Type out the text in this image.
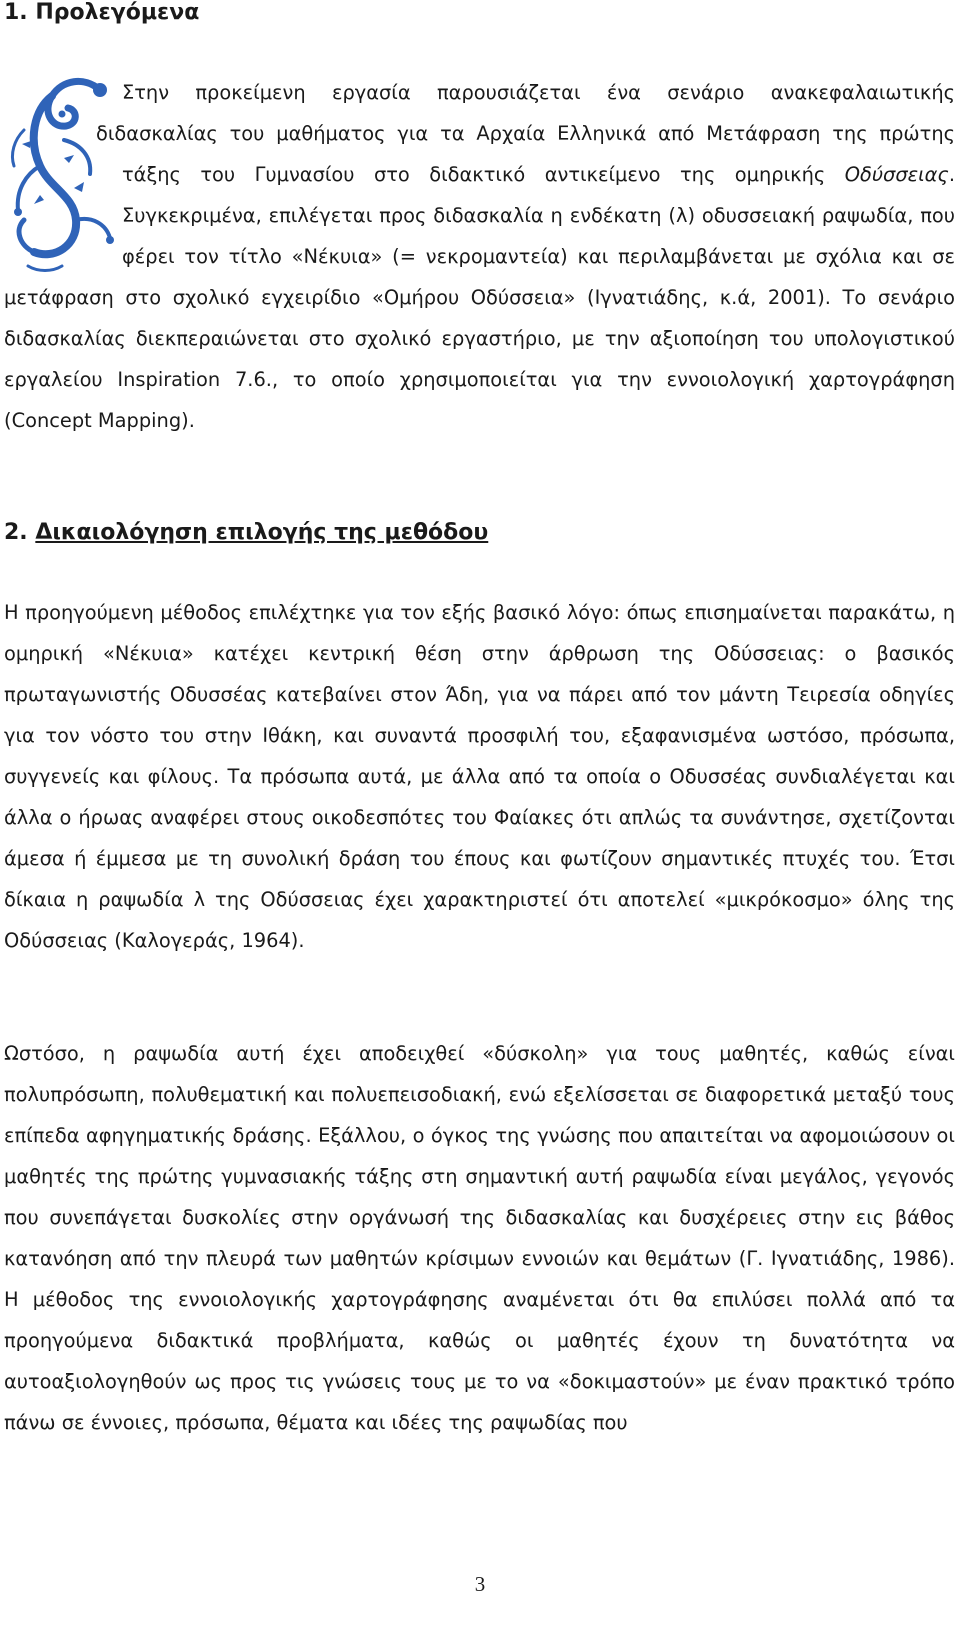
1. Προλεγόμενα

Στην προκείμενη εργασία παρουσιάζεται ένα σενάριο ανακεφαλαιωτικής διδασκαλίας του μαθήματος για τα Αρχαία Ελληνικά από Μετάφραση της πρώτης τάξης του Γυμνασίου στο διδακτικό αντικείμενο της ομηρικής Οδύσσειας. Συγκεκριμένα, επιλέγεται προς διδασκαλία η ενδέκατη (λ) οδυσσειακή ραψωδία, που φέρει τον τίτλο «Νέκυια» (= νεκρομαντεία) και περιλαμβάνεται με σχόλια και σε μετάφραση στο σχολικό εγχειρίδιο «Ομήρου Οδύσσεια» (Ιγνατιάδης, κ.ά, 2001). Το σενάριο διδασκαλίας διεκπεραιώνεται στο σχολικό εργαστήριο, με την αξιοποίηση του υπολογιστικού εργαλείου Inspiration 7.6., το οποίο χρησιμοποιείται για την εννοιολογική χαρτογράφηση (Concept Mapping).

2. Δικαιολόγηση επιλογής της μεθόδου

Η προηγούμενη μέθοδος επιλέχτηκε για τον εξής βασικό λόγο: όπως επισημαίνεται παρακάτω, η ομηρική «Νέκυια» κατέχει κεντρική θέση στην άρθρωση της Οδύσσειας: ο βασικός πρωταγωνιστής Οδυσσέας κατεβαίνει στον Άδη, για να πάρει από τον μάντη Τειρεσία οδηγίες για τον νόστο του στην Ιθάκη, και συναντά προσφιλή του, εξαφανισμένα ωστόσο, πρόσωπα, συγγενείς και φίλους. Τα πρόσωπα αυτά, με άλλα από τα οποία ο Οδυσσέας συνδιαλέγεται και άλλα ο ήρωας αναφέρει στους οικοδεσπότες του Φαίακες ότι απλώς τα συνάντησε, σχετίζονται άμεσα ή έμμεσα με τη συνολική δράση του έπους και φωτίζουν σημαντικές πτυχές του. Έτσι δίκαια η ραψωδία λ της Οδύσσειας έχει χαρακτηριστεί ότι αποτελεί «μικρόκοσμο» όλης της Οδύσσειας (Καλογεράς, 1964).

Ωστόσο, η ραψωδία αυτή έχει αποδειχθεί «δύσκολη» για τους μαθητές, καθώς είναι πολυπρόσωπη, πολυθεματική και πολυεπεισοδιακή, ενώ εξελίσσεται σε διαφορετικά μεταξύ τους επίπεδα αφηγηματικής δράσης. Εξάλλου, ο όγκος της γνώσης που απαιτείται να αφομοιώσουν οι μαθητές της πρώτης γυμνασιακής τάξης στη σημαντική αυτή ραψωδία είναι μεγάλος, γεγονός που συνεπάγεται δυσκολίες στην οργάνωσή της διδασκαλίας και δυσχέρειες στην εις βάθος κατανόηση από την πλευρά των μαθητών κρίσιμων εννοιών και θεμάτων (Γ. Ιγνατιάδης, 1986). Η μέθοδος της εννοιολογικής χαρτογράφησης αναμένεται ότι θα επιλύσει πολλά από τα προηγούμενα διδακτικά προβλήματα, καθώς οι μαθητές έχουν τη δυνατότητα να αυτοαξιολογηθούν ως προς τις γνώσεις τους με το να «δοκιμαστούν» με έναν πρακτικό τρόπο πάνω σε έννοιες, πρόσωπα, θέματα και ιδέες της ραψωδίας που

3
